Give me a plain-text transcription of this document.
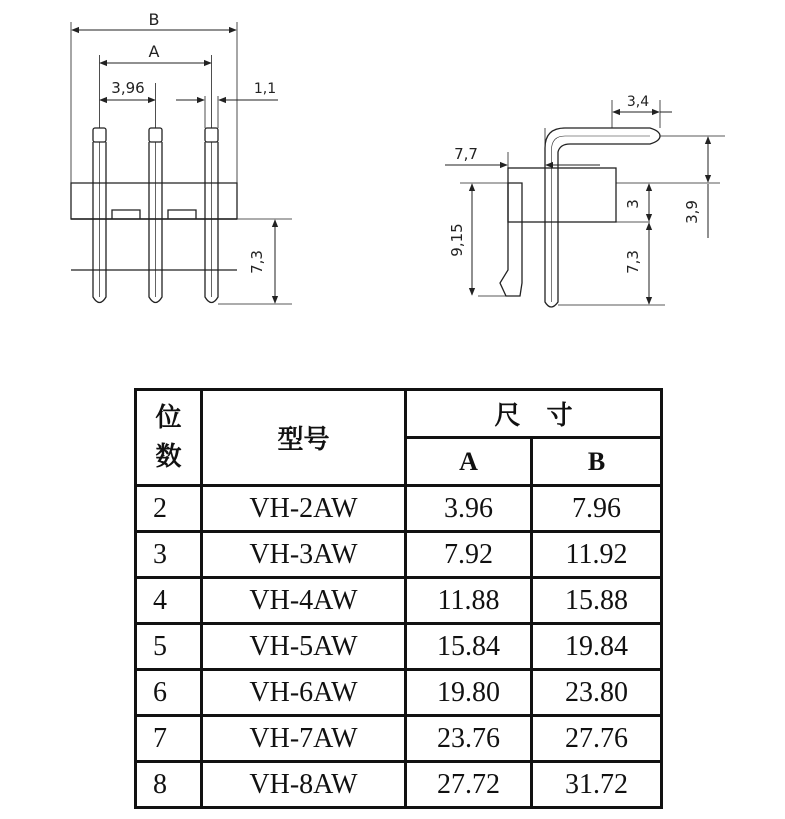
B
A
3,96	1,1
7,3
3,4
7,7
9,15
3	3,9
7,3
位
数	型号	尺　寸	
		A	B
2	VH-2AW	3.96	7.96
3	VH-3AW	7.92	11.92
4	VH-4AW	11.88	15.88
5	VH-5AW	15.84	19.84
6	VH-6AW	19.80	23.80
7	VH-7AW	23.76	27.76
8	VH-8AW	27.72	31.72
